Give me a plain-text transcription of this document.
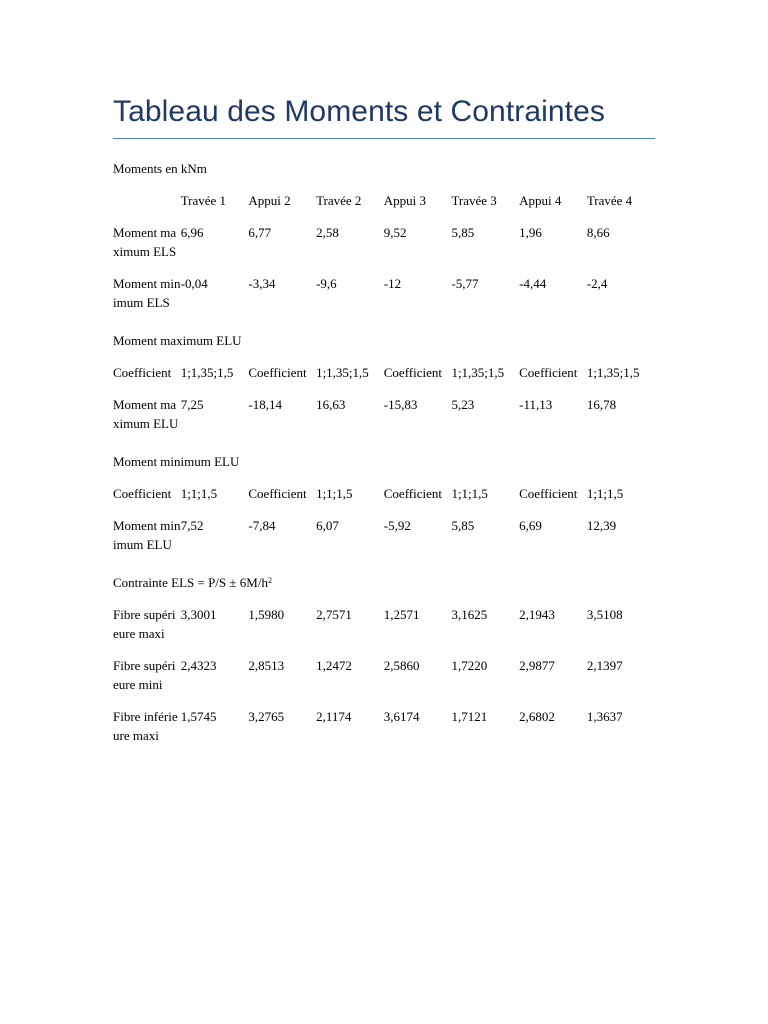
Tableau des Moments et Contraintes
Moments en kNm
Travée 1	Appui 2	Travée 2	Appui 3	Travée 3	Appui 4	Travée 4
Moment maximum ELS
6,96	6,77	2,58	9,52	5,85	1,96	8,66
Moment minimum ELS
-0,04	-3,34	-9,6	-12	-5,77	-4,44	-2,4
Moment maximum ELU
Coefficient 1;1,35;1,5	Coefficient 1;1,35;1,5	Coefficient 1;1,35;1,5	Coefficient 1;1,35;1,5
Moment maximum ELU
7,25	-18,14	16,63	-15,83	5,23	-11,13	16,78
Moment minimum ELU
Coefficient 1;1;1,5	Coefficient 1;1;1,5	Coefficient 1;1;1,5	Coefficient 1;1;1,5
Moment minimum ELU
7,52	-7,84	6,07	-5,92	5,85	6,69	12,39
Contrainte ELS = $P/S \pm 6M/h^2$
Fibre supérieure maxi
3,3001	1,5980	2,7571	1,2571	3,1625	2,1943	3,5108
Fibre supérieure mini
2,4323	2,8513	1,2472	2,5860	1,7220	2,9877	2,1397
Fibre inférieure maxi
1,5745	3,2765	2,1174	3,6174	1,7121	2,6802	1,3637
